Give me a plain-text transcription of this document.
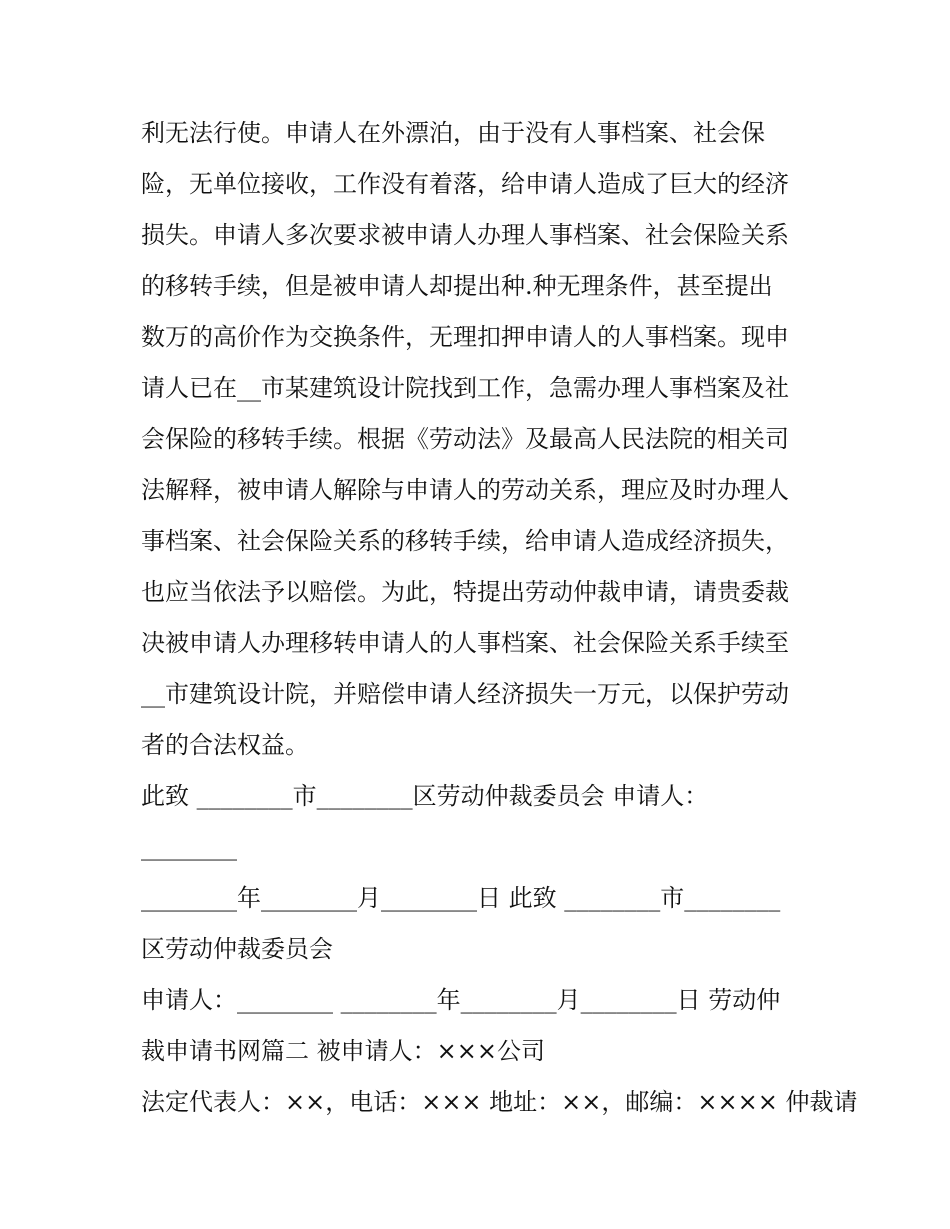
利无法行使。申请人在外漂泊，由于没有人事档案、社会保

险，无单位接收，工作没有着落，给申请人造成了巨大的经济

损失。申请人多次要求被申请人办理人事档案、社会保险关系

的移转手续，但是被申请人却提出种.种无理条件，甚至提出

数万的高价作为交换条件，无理扣押申请人的人事档案。现申

请人已在__市某建筑设计院找到工作，急需办理人事档案及社

会保险的移转手续。根据《劳动法》及最高人民法院的相关司

法解释，被申请人解除与申请人的劳动关系，理应及时办理人

事档案、社会保险关系的移转手续，给申请人造成经济损失，

也应当依法予以赔偿。为此，特提出劳动仲裁申请，请贵委裁

决被申请人办理移转申请人的人事档案、社会保险关系手续至

__市建筑设计院，并赔偿申请人经济损失一万元，以保护劳动

者的合法权益。

此致 ________市________区劳动仲裁委员会 申请人：

________

________年________月________日 此致 ________市________

区劳动仲裁委员会

申请人：________ ________年________月________日 劳动仲

裁申请书网篇二 被申请人：×××公司

法定代表人：××，电话：××× 地址：××，邮编：×××× 仲裁请
